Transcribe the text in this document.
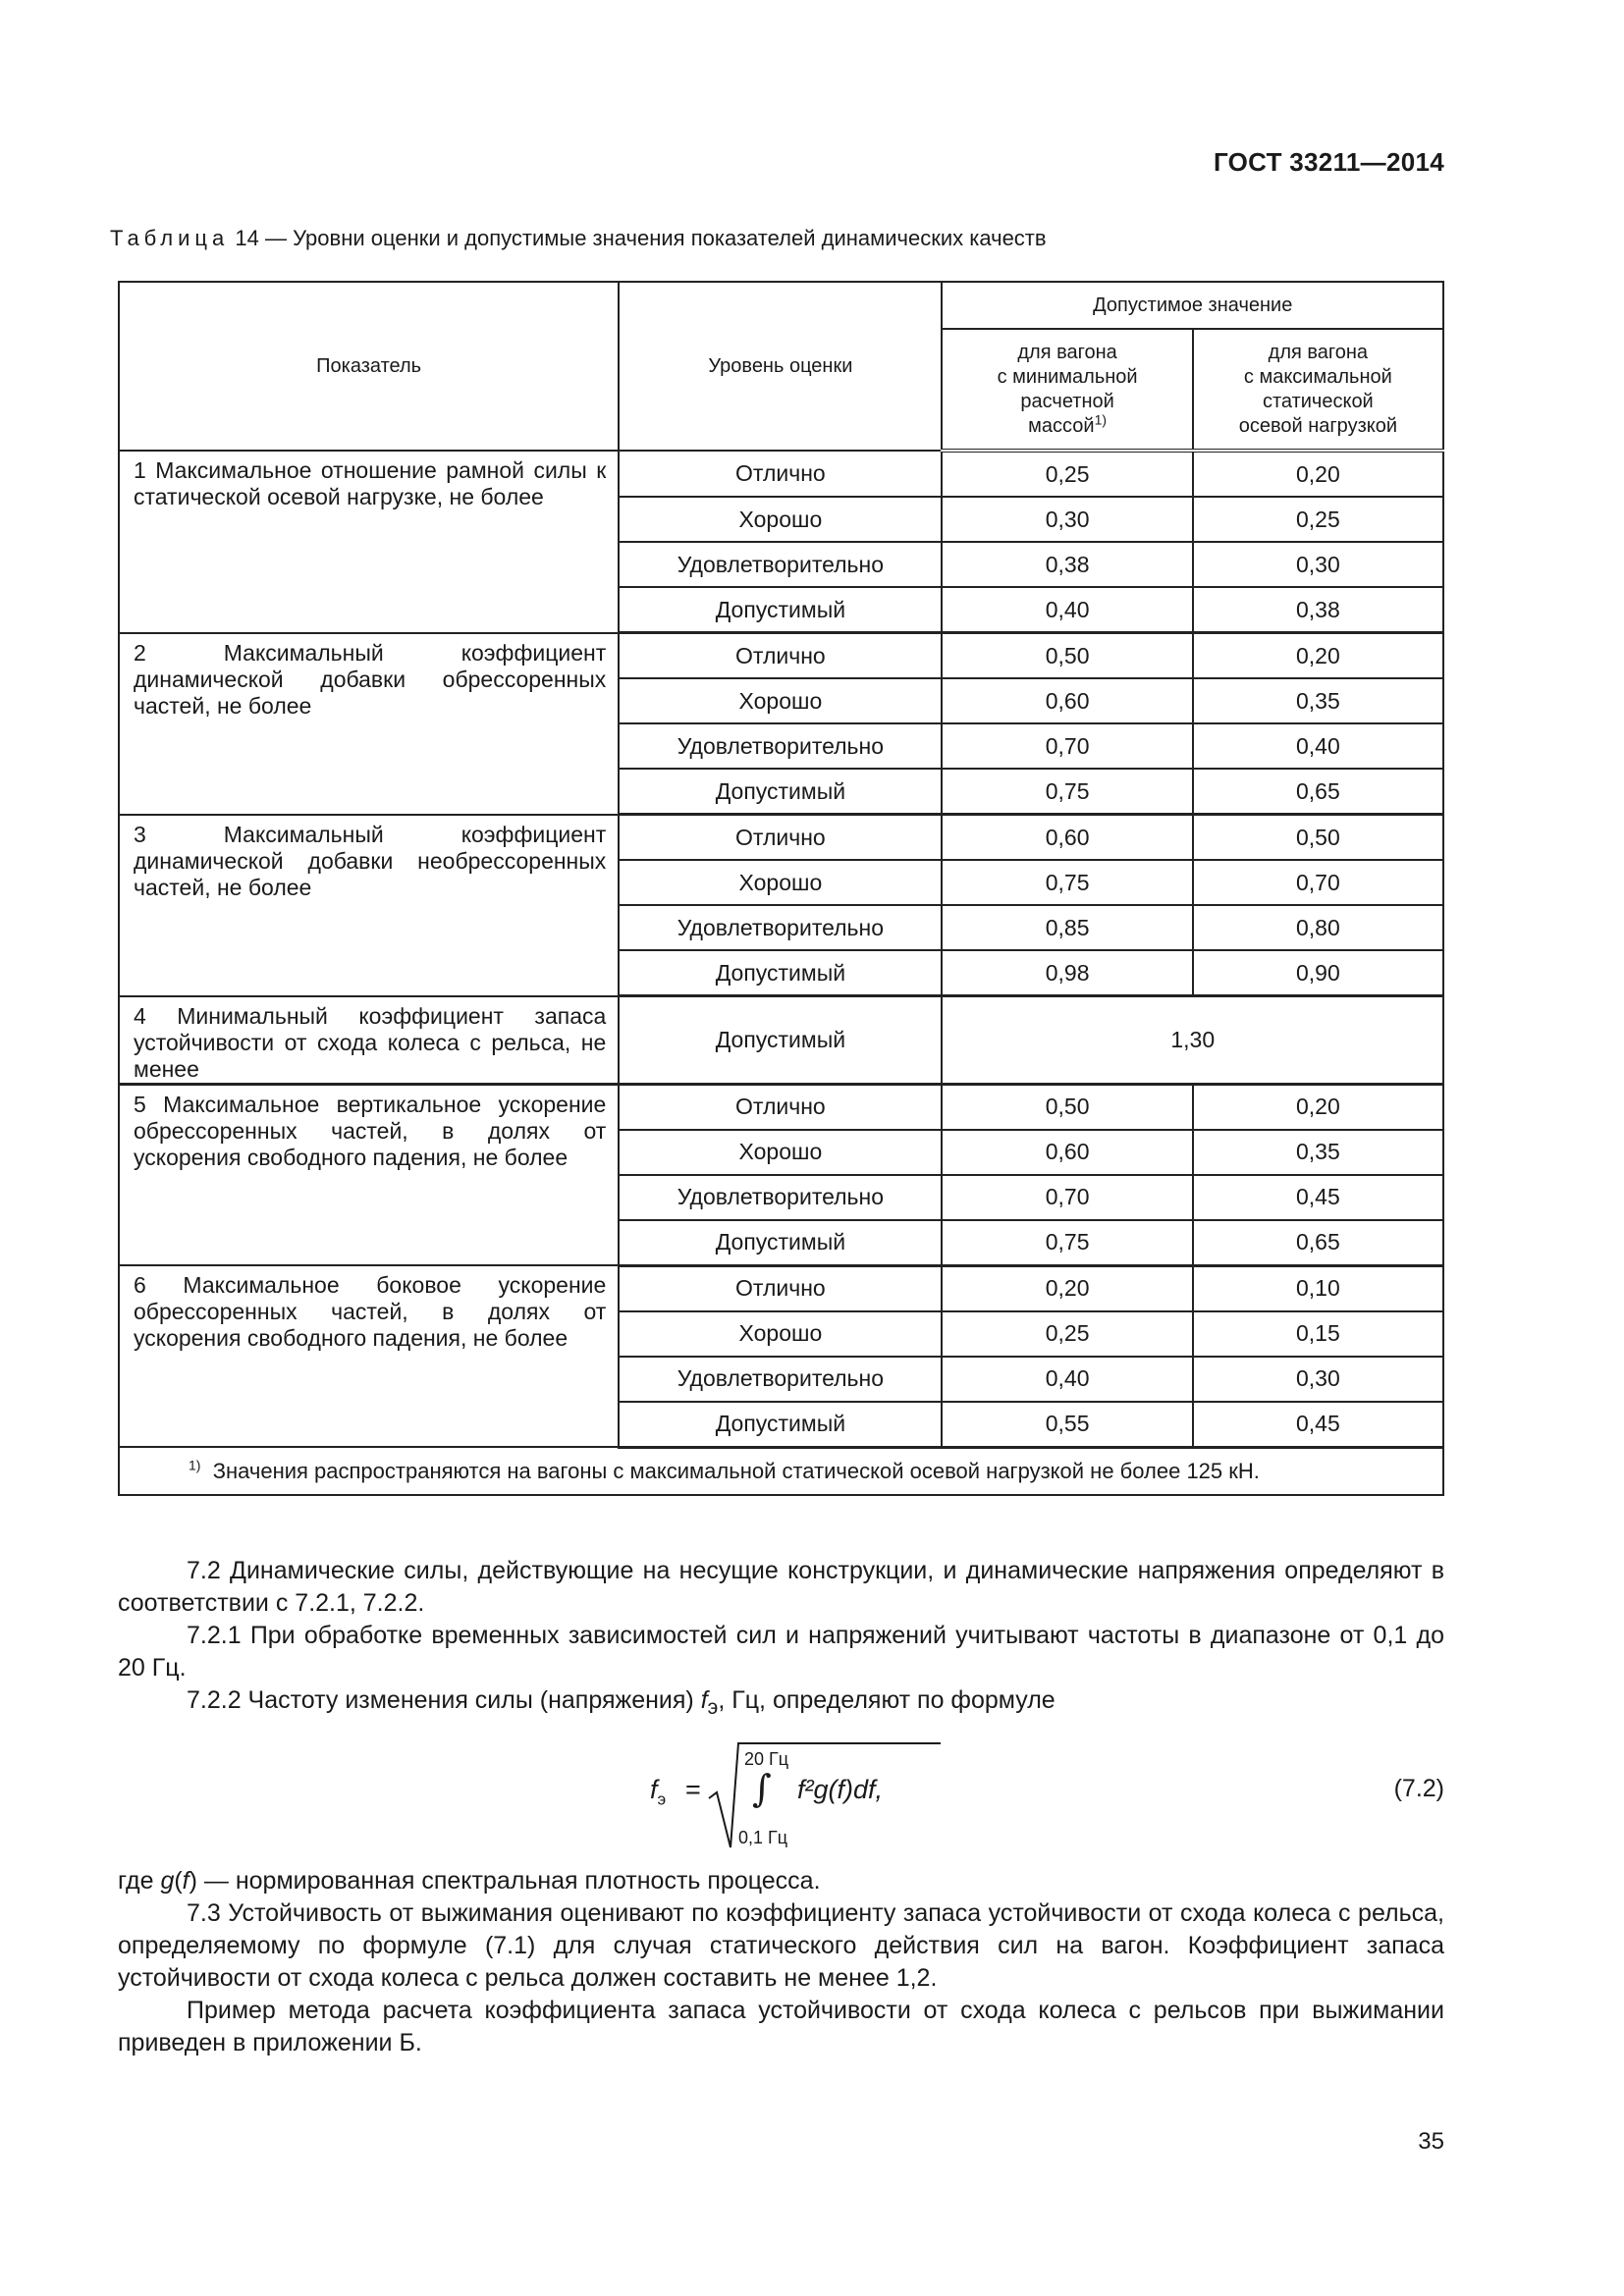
ГОСТ 33211—2014
Таблица 14 — Уровни оценки и допустимые значения показателей динамических качеств
Показатель	Уровень оценки	Допустимое значение	
		для вагона
с минимальной
расчетной
массой$^{1)}$	для вагона
с максимальной
статической
осевой нагрузкой
1 Максимальное отношение рамной силы к статической осевой нагрузке, не более	Отлично	0,25	0,20
	Хорошо	0,30	0,25
	Удовлетворительно	0,38	0,30
	Допустимый	0,40	0,38
2 Максимальный коэффициент динамической добавки обрессоренных частей, не более	Отлично	0,50	0,20
	Хорошо	0,60	0,35
	Удовлетворительно	0,70	0,40
	Допустимый	0,75	0,65
3 Максимальный коэффициент динамической добавки необрессоренных частей, не более	Отлично	0,60	0,50
	Хорошо	0,75	0,70
	Удовлетворительно	0,85	0,80
	Допустимый	0,98	0,90
4 Минимальный коэффициент запаса устойчивости от схода колеса с рельса, не менее	Допустимый	1,30	
5 Максимальное вертикальное ускорение обрессоренных частей, в долях от ускорения свободного падения, не более	Отлично	0,50	0,20
	Хорошо	0,60	0,35
	Удовлетворительно	0,70	0,45
	Допустимый	0,75	0,65
6 Максимальное боковое ускорение обрессоренных частей, в долях от ускорения свободного падения, не более	Отлично	0,20	0,10
	Хорошо	0,25	0,15
	Удовлетворительно	0,40	0,30
	Допустимый	0,55	0,45
$^{1)}$ Значения распространяются на вагоны с максимальной статической осевой нагрузкой не более 125 кН.			

7.2 Динамические силы, действующие на несущие конструкции, и динамические напряжения определяют в соответствии с 7.2.1, 7.2.2.

7.2.1 При обработке временных зависимостей сил и напряжений учитывают частоты в диапазоне от 0,1 до 20 Гц.

7.2.2 Частоту изменения силы (напряжения) $f_э$, Гц, определяют по формуле

$f_э$ =
20 Гц
∫
0,1 Гц
f²g(f)df,	(7.2)

где g(f) — нормированная спектральная плотность процесса.

7.3 Устойчивость от выжимания оценивают по коэффициенту запаса устойчивости от схода колеса с рельса, определяемому по формуле (7.1) для случая статического действия сил на вагон. Коэффициент запаса устойчивости от схода колеса с рельса должен составить не менее 1,2.

Пример метода расчета коэффициента запаса устойчивости от схода колеса с рельсов при выжимании приведен в приложении Б.

35
